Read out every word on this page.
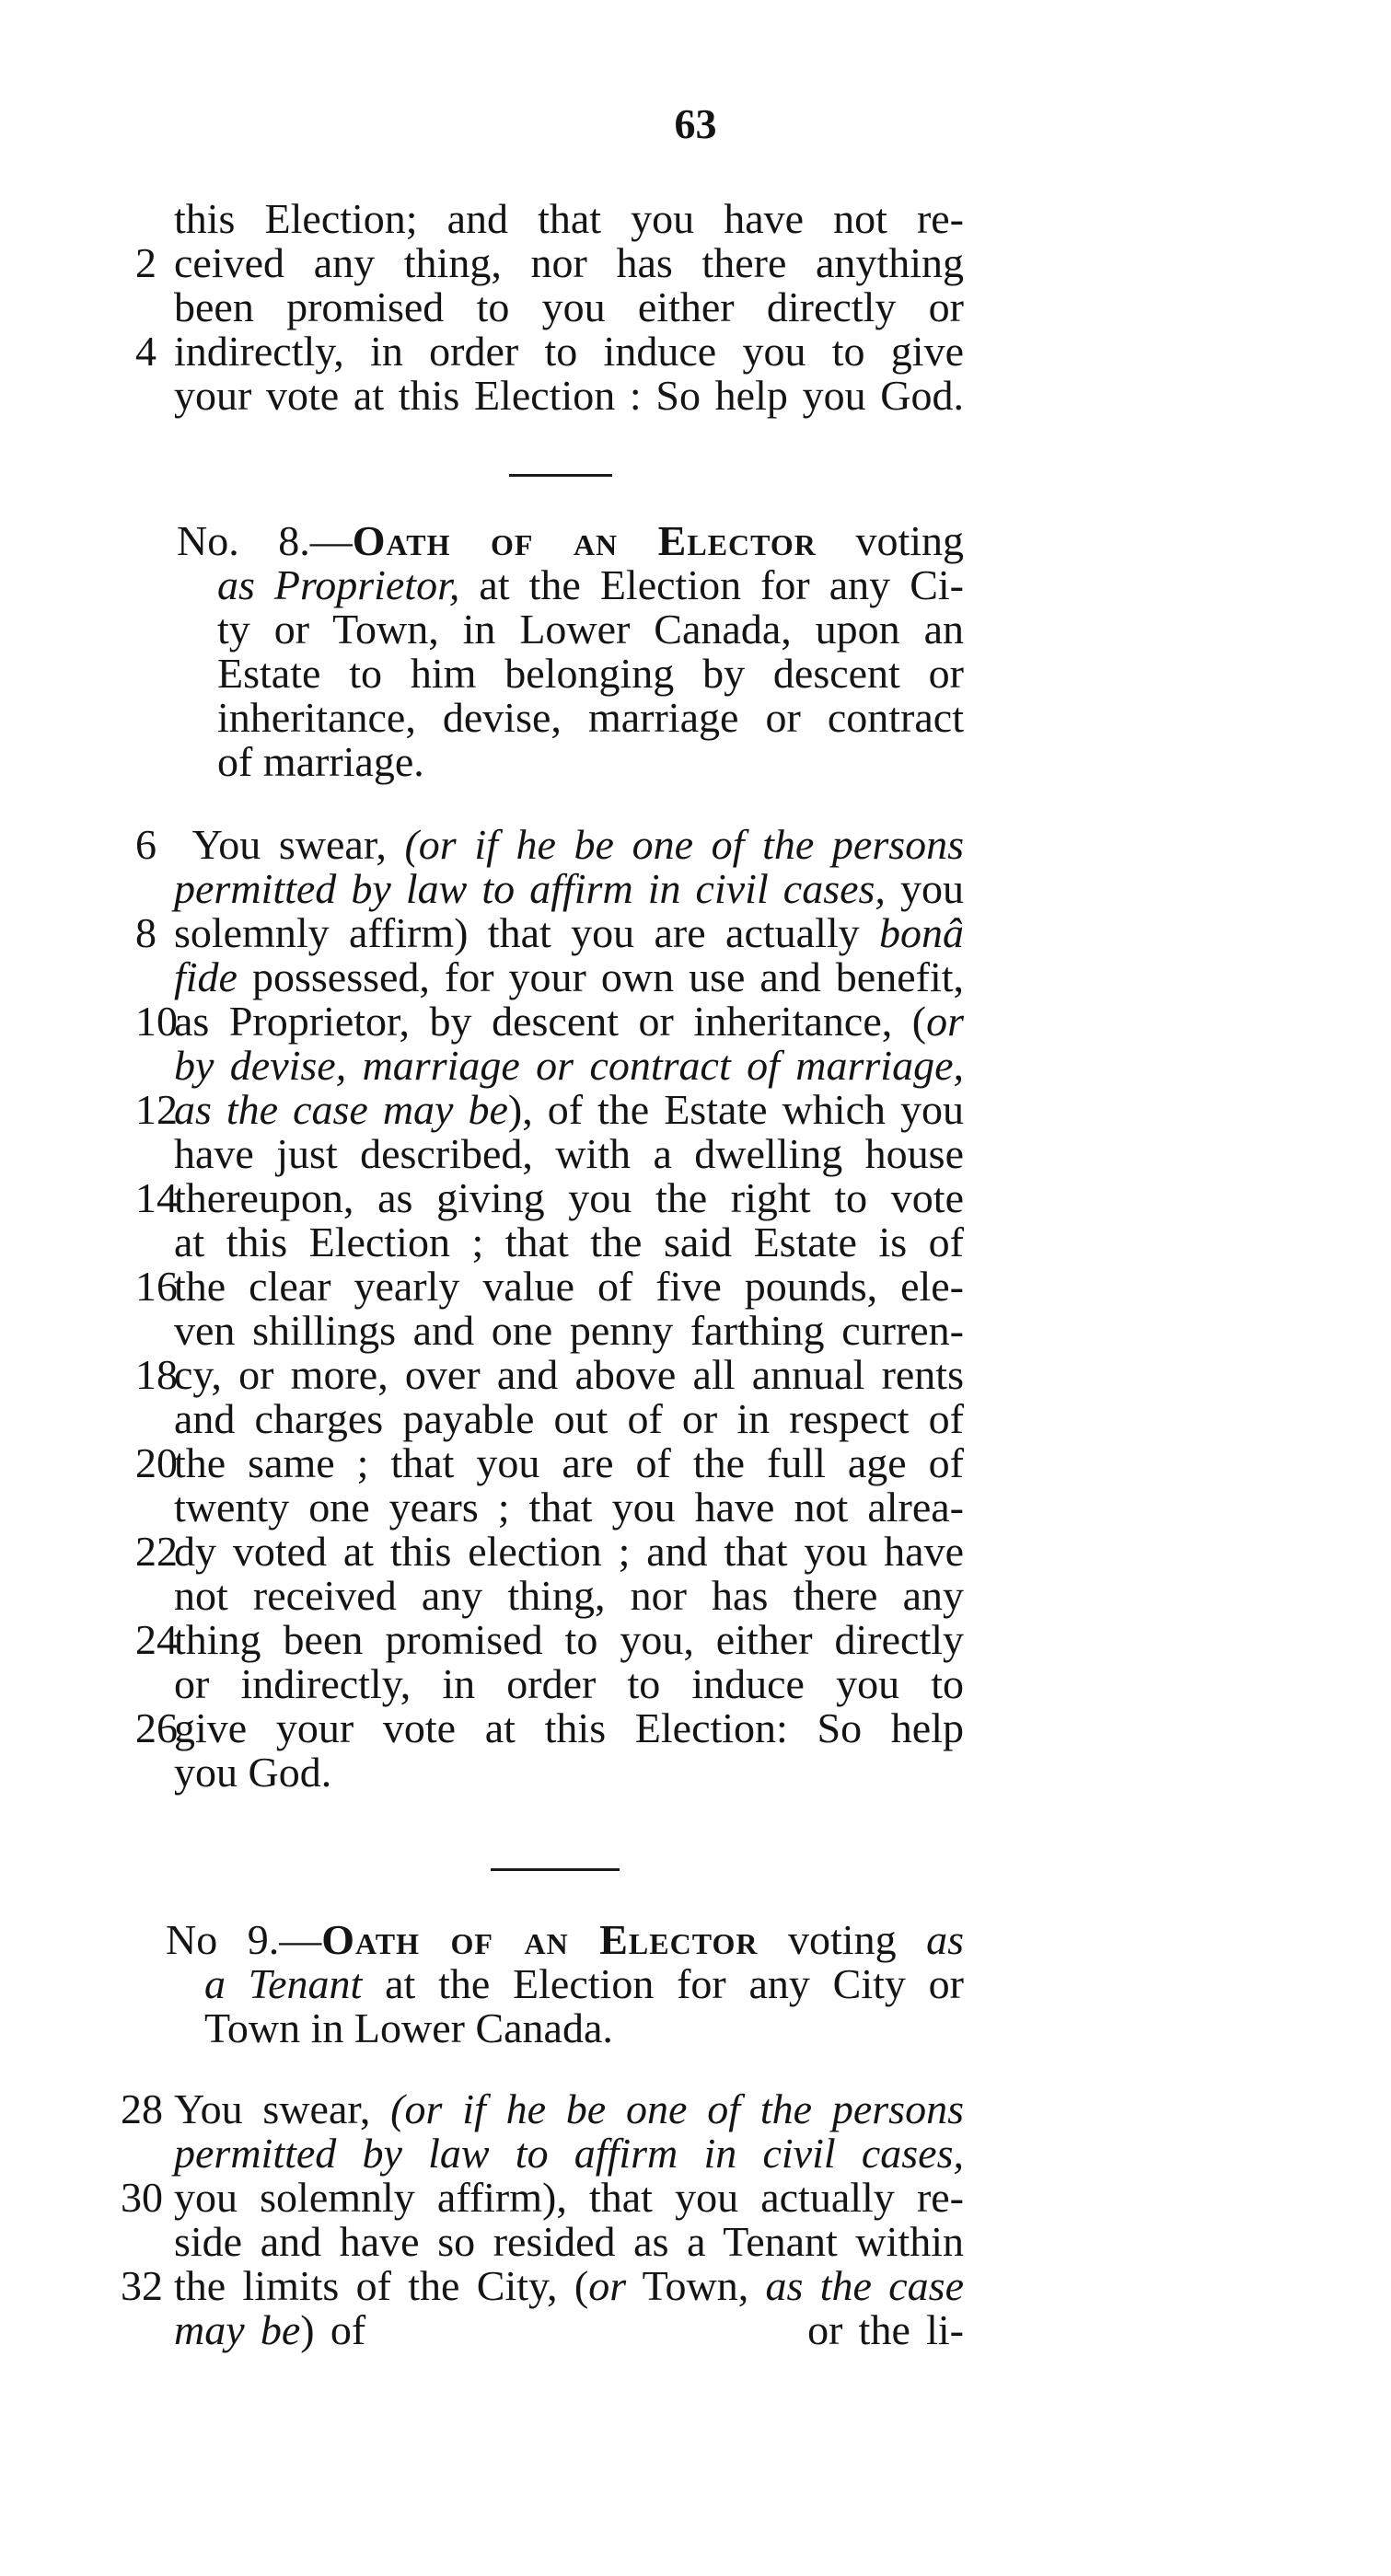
63
this Election; and that you have not re-
2 ceived any thing, nor has there anything
been promised to you either directly or
4 indirectly, in order to induce you to give
your vote at this Election : So help you God.
No. 8.—Oath of an Elector voting
as Proprietor, at the Election for any Ci-
ty or Town, in Lower Canada, upon an
Estate to him belonging by descent or
inheritance, devise, marriage or contract
of marriage.
6 You swear, (or if he be one of the persons
permitted by law to affirm in civil cases, you
8 solemnly affirm) that you are actually bonâ
fide possessed, for your own use and benefit,
10
as Proprietor, by descent or inheritance, (or
by devise, marriage or contract of marriage,
12
as the case may be), of the Estate which you
have just described, with a dwelling house
14
thereupon, as giving you the right to vote
at this Election ; that the said Estate is of
16
the clear yearly value of five pounds, ele-
ven shillings and one penny farthing curren-
18
cy, or more, over and above all annual rents
and charges payable out of or in respect of
20
the same ; that you are of the full age of
twenty one years ; that you have not alrea-
22
dy voted at this election ; and that you have
not received any thing, nor has there any
24
thing been promised to you, either directly
or indirectly, in order to induce you to
26
give your vote at this Election: So help
you God.
No 9.—Oath of an Elector voting as
a Tenant at the Election for any City or
Town in Lower Canada.
28 You swear, (or if he be one of the persons
permitted by law to affirm in civil cases,
30 you solemnly affirm), that you actually re-
side and have so resided as a Tenant within
32 the limits of the City, (or Town, as the case
may be) of	or the li-
